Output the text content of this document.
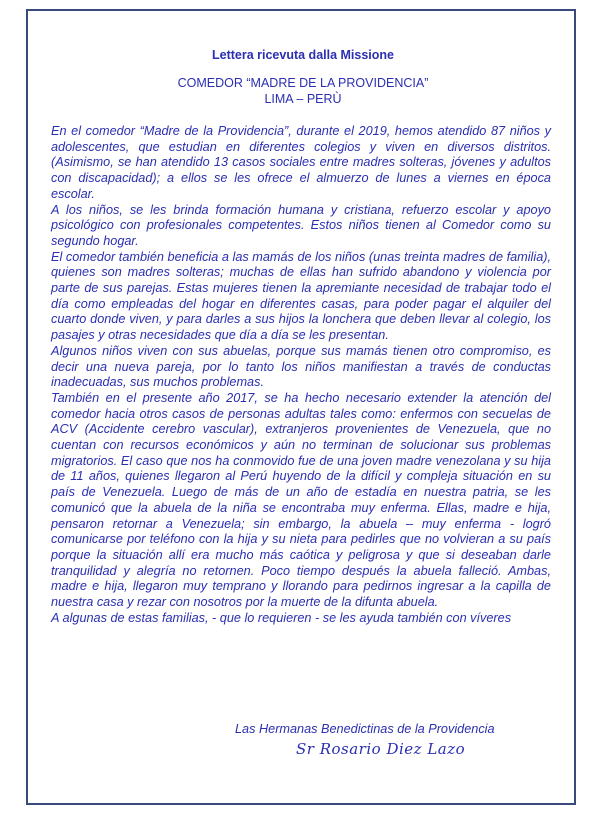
Lettera ricevuta dalla Missione
COMEDOR “MADRE DE LA PROVIDENCIA”
LIMA – PERÙ

En el comedor “Madre de la Providencia”, durante el 2019, hemos atendido 87 niños y adolescentes, que estudian en diferentes colegios y viven en diversos distritos. (Asimismo, se han atendido 13 casos sociales entre madres solteras, jóvenes y adultos con discapacidad); a ellos se les ofrece el almuerzo de lunes a viernes en época escolar.

A los niños, se les brinda formación humana y cristiana, refuerzo escolar y apoyo psicológico con profesionales competentes. Estos niños tienen al Comedor como su segundo hogar.

El comedor también beneficia a las mamás de los niños (unas treinta madres de familia), quienes son madres solteras; muchas de ellas han sufrido abandono y violencia por parte de sus parejas. Estas mujeres tienen la apremiante necesidad de trabajar todo el día como empleadas del hogar en diferentes casas, para poder pagar el alquiler del cuarto donde viven, y para darles a sus hijos la lonchera que deben llevar al colegio, los pasajes y otras necesidades que día a día se les presentan.

Algunos niños viven con sus abuelas, porque sus mamás tienen otro compromiso, es decir una nueva pareja, por lo tanto los niños manifiestan a través de conductas inadecuadas, sus muchos problemas.

También en el presente año 2017, se ha hecho necesario extender la atención del comedor hacia otros casos de personas adultas tales como: enfermos con secuelas de ACV (Accidente cerebro vascular), extranjeros provenientes de Venezuela, que no cuentan con recursos económicos y aún no terminan de solucionar sus problemas migratorios. El caso que nos ha conmovido fue de una joven madre venezolana y su hija de 11 años, quienes llegaron al Perú huyendo de la difícil y compleja situación en su país de Venezuela. Luego de más de un año de estadía en nuestra patria, se les comunicó que la abuela de la niña se encontraba muy enferma. Ellas, madre e hija, pensaron retornar a Venezuela; sin embargo, la abuela – muy enferma - logró comunicarse por teléfono con la hija y su nieta para pedirles que no volvieran a su país porque la situación allí era mucho más caótica y peligrosa y que si deseaban darle tranquilidad y alegría no retornen. Poco tiempo después la abuela falleció. Ambas, madre e hija, llegaron muy temprano y llorando para pedirnos ingresar a la capilla de nuestra casa y rezar con nosotros por la muerte de la difunta abuela.

A algunas de estas familias, - que lo requieren - se les ayuda también con víveres

Las Hermanas Benedictinas de la Providencia
Sr Rosario Diez Lazo
